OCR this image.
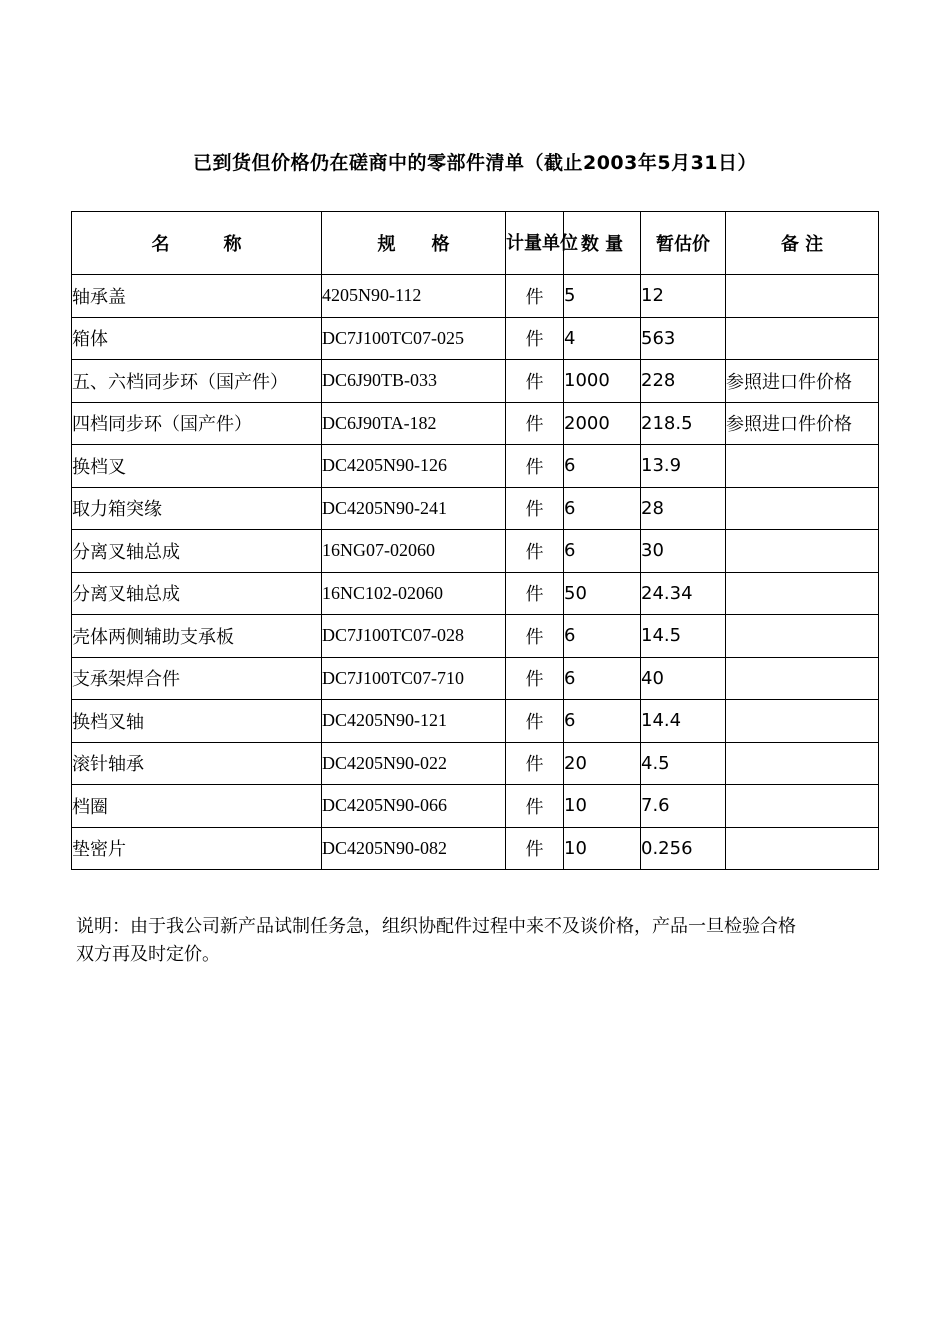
已到货但价格仍在磋商中的零部件清单（截止2003年5月31日）
名　　　称	规　　格	计量单位	数 量	暂估价	备 注
轴承盖	4205N90-112	件	5	12	
箱体	DC7J100TC07-025	件	4	563	
五、六档同步环（国产件）	DC6J90TB-033	件	1000	228	参照进口件价格
四档同步环（国产件）	DC6J90TA-182	件	2000	218.5	参照进口件价格
换档叉	DC4205N90-126	件	6	13.9	
取力箱突缘	DC4205N90-241	件	6	28	
分离叉轴总成	16NG07-02060	件	6	30	
分离叉轴总成	16NC102-02060	件	50	24.34	
壳体两侧辅助支承板	DC7J100TC07-028	件	6	14.5	
支承架焊合件	DC7J100TC07-710	件	6	40	
换档叉轴	DC4205N90-121	件	6	14.4	
滚针轴承	DC4205N90-022	件	20	4.5	
档圈	DC4205N90-066	件	10	7.6	
垫密片	DC4205N90-082	件	10	0.256	
说明：由于我公司新产品试制任务急，组织协配件过程中来不及谈价格，产品一旦检验合格双方再及时定价。
